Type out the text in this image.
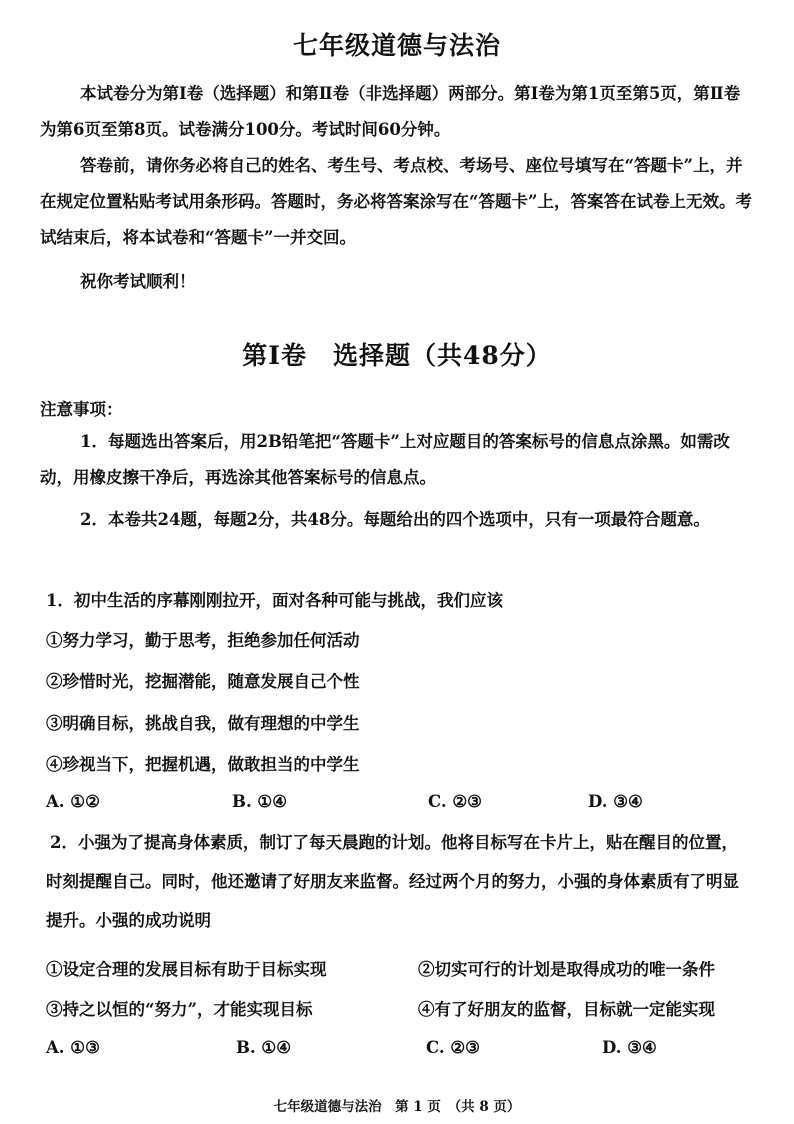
七年级道德与法治
本试卷分为第Ⅰ卷（选择题）和第Ⅱ卷（非选择题）两部分。第Ⅰ卷为第1页至第5页，第Ⅱ卷为第6页至第8页。试卷满分100分。考试时间60分钟。
答卷前，请你务必将自己的姓名、考生号、考点校、考场号、座位号填写在“答题卡”上，并在规定位置粘贴考试用条形码。答题时，务必将答案涂写在“答题卡”上，答案答在试卷上无效。考试结束后，将本试卷和“答题卡”一并交回。
祝你考试顺利！
第Ⅰ卷　选择题（共48分）
注意事项：
1．每题选出答案后，用2B铅笔把“答题卡”上对应题目的答案标号的信息点涂黑。如需改动，用橡皮擦干净后，再选涂其他答案标号的信息点。
2．本卷共24题，每题2分，共48分。每题给出的四个选项中，只有一项最符合题意。
1．初中生活的序幕刚刚拉开，面对各种可能与挑战，我们应该
①努力学习，勤于思考，拒绝参加任何活动
②珍惜时光，挖掘潜能，随意发展自己个性
③明确目标，挑战自我，做有理想的中学生
④珍视当下，把握机遇，做敢担当的中学生
A. ①②	B. ①④	C. ②③	D. ③④
2．小强为了提高身体素质，制订了每天晨跑的计划。他将目标写在卡片上，贴在醒目的位置，时刻提醒自己。同时，他还邀请了好朋友来监督。经过两个月的努力，小强的身体素质有了明显提升。小强的成功说明
①设定合理的发展目标有助于目标实现	②切实可行的计划是取得成功的唯一条件
③持之以恒的“努力”，才能实现目标	④有了好朋友的监督，目标就一定能实现
A. ①③	B. ①④	C. ②③	D. ③④
七年级道德与法治　第 1 页　（共 8 页）
